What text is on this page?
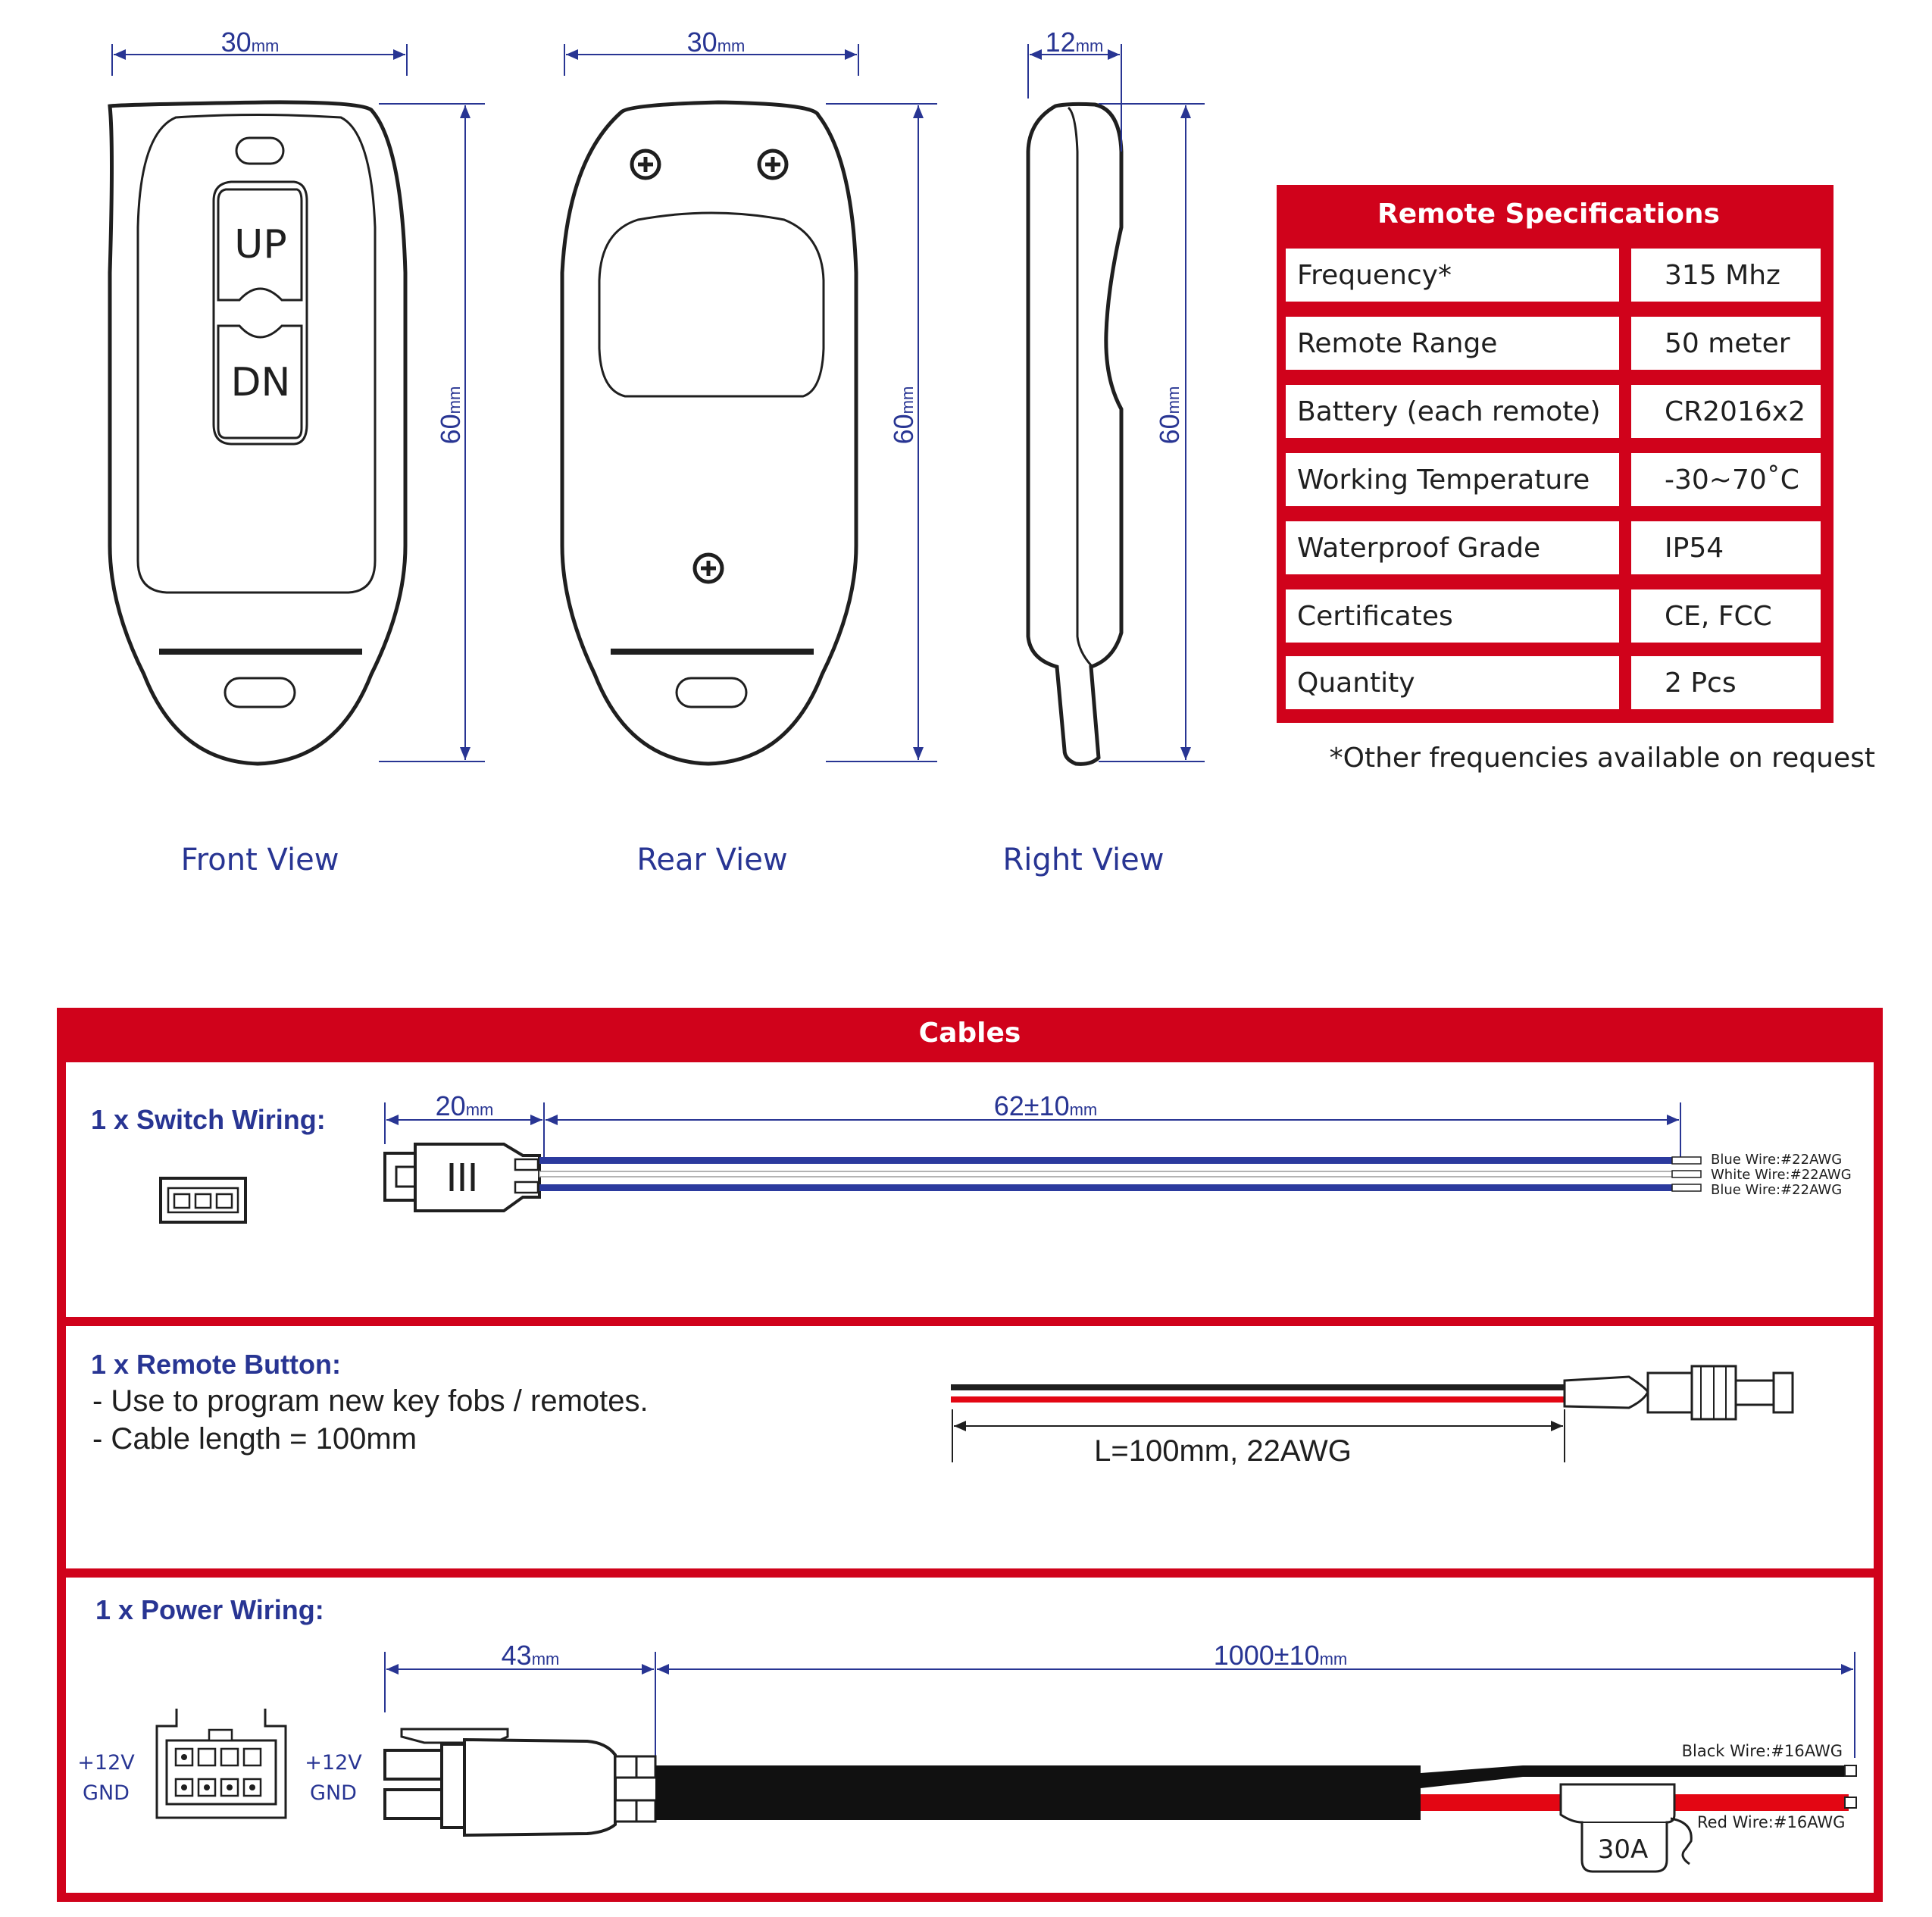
UP
DN
30mm
60mm
Front View
30mm
60mm
Rear View
12mm
60mm
Right View
Remote Specifications
Frequency*	315 Mhz
Remote Range	50 meter
Battery (each remote) CR2016x2
Working Temperature	-30~70˚C
Waterproof Grade	IP54
Certificates	CE, FCC
Quantity	2 Pcs
*Other frequencies available on request
Cables
1 x Switch Wiring:	20mm	62±10mm
Blue Wire:#22AWG
White Wire:#22AWG
Blue Wire:#22AWG
1 x Remote Button:
- Use to program new key fobs / remotes.
- Cable length = 100mm	L=100mm, 22AWG
1 x Power Wiring:
+12V
GND
+12V
GND
43mm	1000±10mm
30A
Black Wire:#16AWG
Red Wire:#16AWG
